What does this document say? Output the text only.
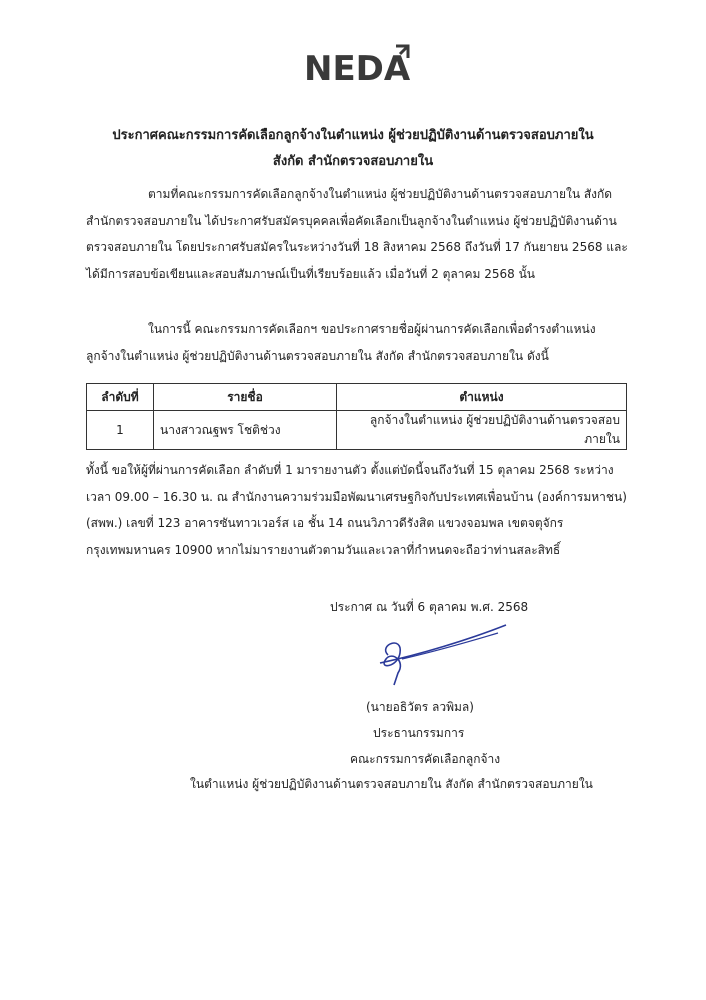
NEDA
ประกาศคณะกรรมการคัดเลือกลูกจ้างในตำแหน่ง ผู้ช่วยปฏิบัติงานด้านตรวจสอบภายใน
สังกัด สำนักตรวจสอบภายใน
ตามที่คณะกรรมการคัดเลือกลูกจ้างในตำแหน่ง ผู้ช่วยปฏิบัติงานด้านตรวจสอบภายใน สังกัด สำนักตรวจสอบภายใน ได้ประกาศรับสมัครบุคคลเพื่อคัดเลือกเป็นลูกจ้างในตำแหน่ง ผู้ช่วยปฏิบัติงานด้านตรวจสอบภายใน โดยประกาศรับสมัครในระหว่างวันที่ 18 สิงหาคม 2568 ถึงวันที่ 17 กันยายน 2568 และได้มีการสอบข้อเขียนและสอบสัมภาษณ์เป็นที่เรียบร้อยแล้ว เมื่อวันที่ 2 ตุลาคม 2568 นั้น
ในการนี้ คณะกรรมการคัดเลือกฯ ขอประกาศรายชื่อผู้ผ่านการคัดเลือกเพื่อดำรงตำแหน่งลูกจ้างในตำแหน่ง ผู้ช่วยปฏิบัติงานด้านตรวจสอบภายใน สังกัด สำนักตรวจสอบภายใน ดังนี้
ลำดับที่	รายชื่อ	ตำแหน่ง
1	นางสาวณฐพร โชติช่วง	ลูกจ้างในตำแหน่ง ผู้ช่วยปฏิบัติงานด้านตรวจสอบภายใน
ทั้งนี้ ขอให้ผู้ที่ผ่านการคัดเลือก ลำดับที่ 1 มารายงานตัว ตั้งแต่บัดนี้จนถึงวันที่ 15 ตุลาคม 2568 ระหว่างเวลา 09.00 – 16.30 น. ณ สำนักงานความร่วมมือพัฒนาเศรษฐกิจกับประเทศเพื่อนบ้าน (องค์การมหาชน) (สพพ.) เลขที่ 123 อาคารซันทาวเวอร์ส เอ ชั้น 14 ถนนวิภาวดีรังสิต แขวงจอมพล เขตจตุจักร กรุงเทพมหานคร 10900 หากไม่มารายงานตัวตามวันและเวลาที่กำหนดจะถือว่าท่านสละสิทธิ์
ประกาศ ณ วันที่ 6 ตุลาคม พ.ศ. 2568
(นายอธิวัตร ลวพิมล)
ประธานกรรมการ
คณะกรรมการคัดเลือกลูกจ้าง
ในตำแหน่ง ผู้ช่วยปฏิบัติงานด้านตรวจสอบภายใน สังกัด สำนักตรวจสอบภายใน
